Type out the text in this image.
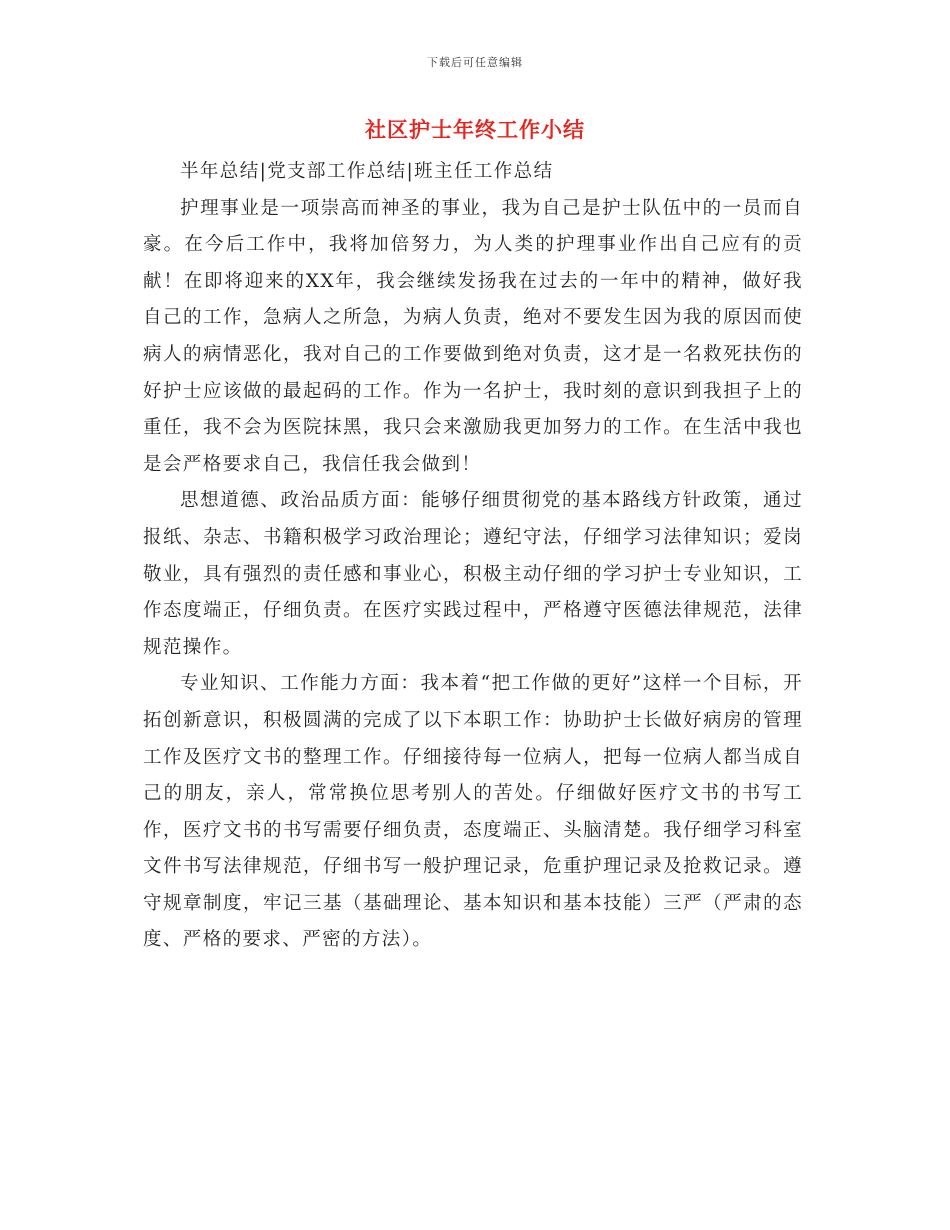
下载后可任意编辑
社区护士年终工作小结

半年总结|党支部工作总结|班主任工作总结

护理事业是一项崇高而神圣的事业，我为自己是护士队伍中的一员而自豪。在今后工作中，我将加倍努力，为人类的护理事业作出自己应有的贡献！在即将迎来的XX年，我会继续发扬我在过去的一年中的精神，做好我自己的工作，急病人之所急，为病人负责，绝对不要发生因为我的原因而使病人的病情恶化，我对自己的工作要做到绝对负责，这才是一名救死扶伤的好护士应该做的最起码的工作。作为一名护士，我时刻的意识到我担子上的重任，我不会为医院抹黑，我只会来激励我更加努力的工作。在生活中我也是会严格要求自己，我信任我会做到！

思想道德、政治品质方面：能够仔细贯彻党的基本路线方针政策，通过报纸、杂志、书籍积极学习政治理论；遵纪守法，仔细学习法律知识；爱岗敬业，具有强烈的责任感和事业心，积极主动仔细的学习护士专业知识，工作态度端正，仔细负责。在医疗实践过程中，严格遵守医德法律规范，法律规范操作。

专业知识、工作能力方面：我本着“把工作做的更好”这样一个目标，开拓创新意识，积极圆满的完成了以下本职工作：协助护士长做好病房的管理工作及医疗文书的整理工作。仔细接待每一位病人，把每一位病人都当成自己的朋友，亲人，常常换位思考别人的苦处。仔细做好医疗文书的书写工作，医疗文书的书写需要仔细负责，态度端正、头脑清楚。我仔细学习科室文件书写法律规范，仔细书写一般护理记录，危重护理记录及抢救记录。遵守规章制度，牢记三基（基础理论、基本知识和基本技能）三严（严肃的态度、严格的要求、严密的方法）。
